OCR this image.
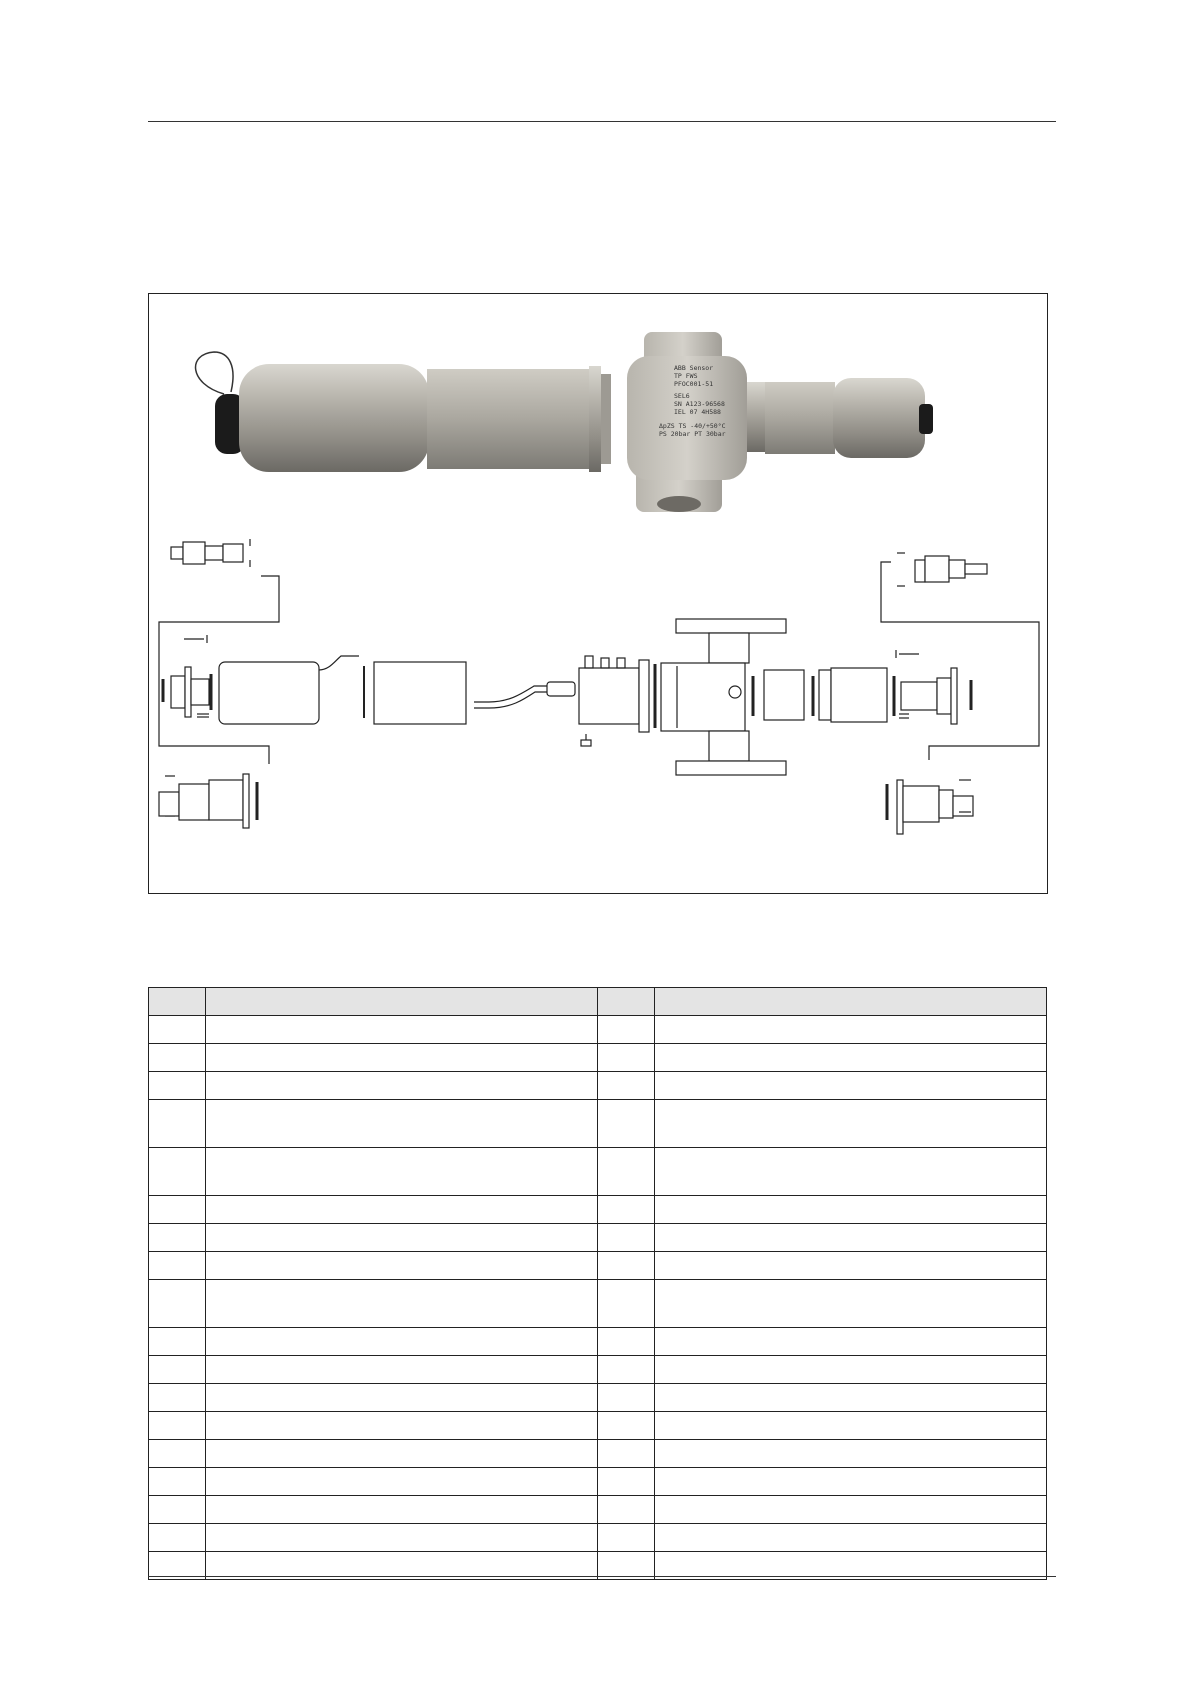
ABB Sensor
TP FWS
PFOC001-51
SEL6
SN A123-96568
IEL 07 4H588
ΔpZS TS -40/+50°C
PS 20bar PT 30bar
